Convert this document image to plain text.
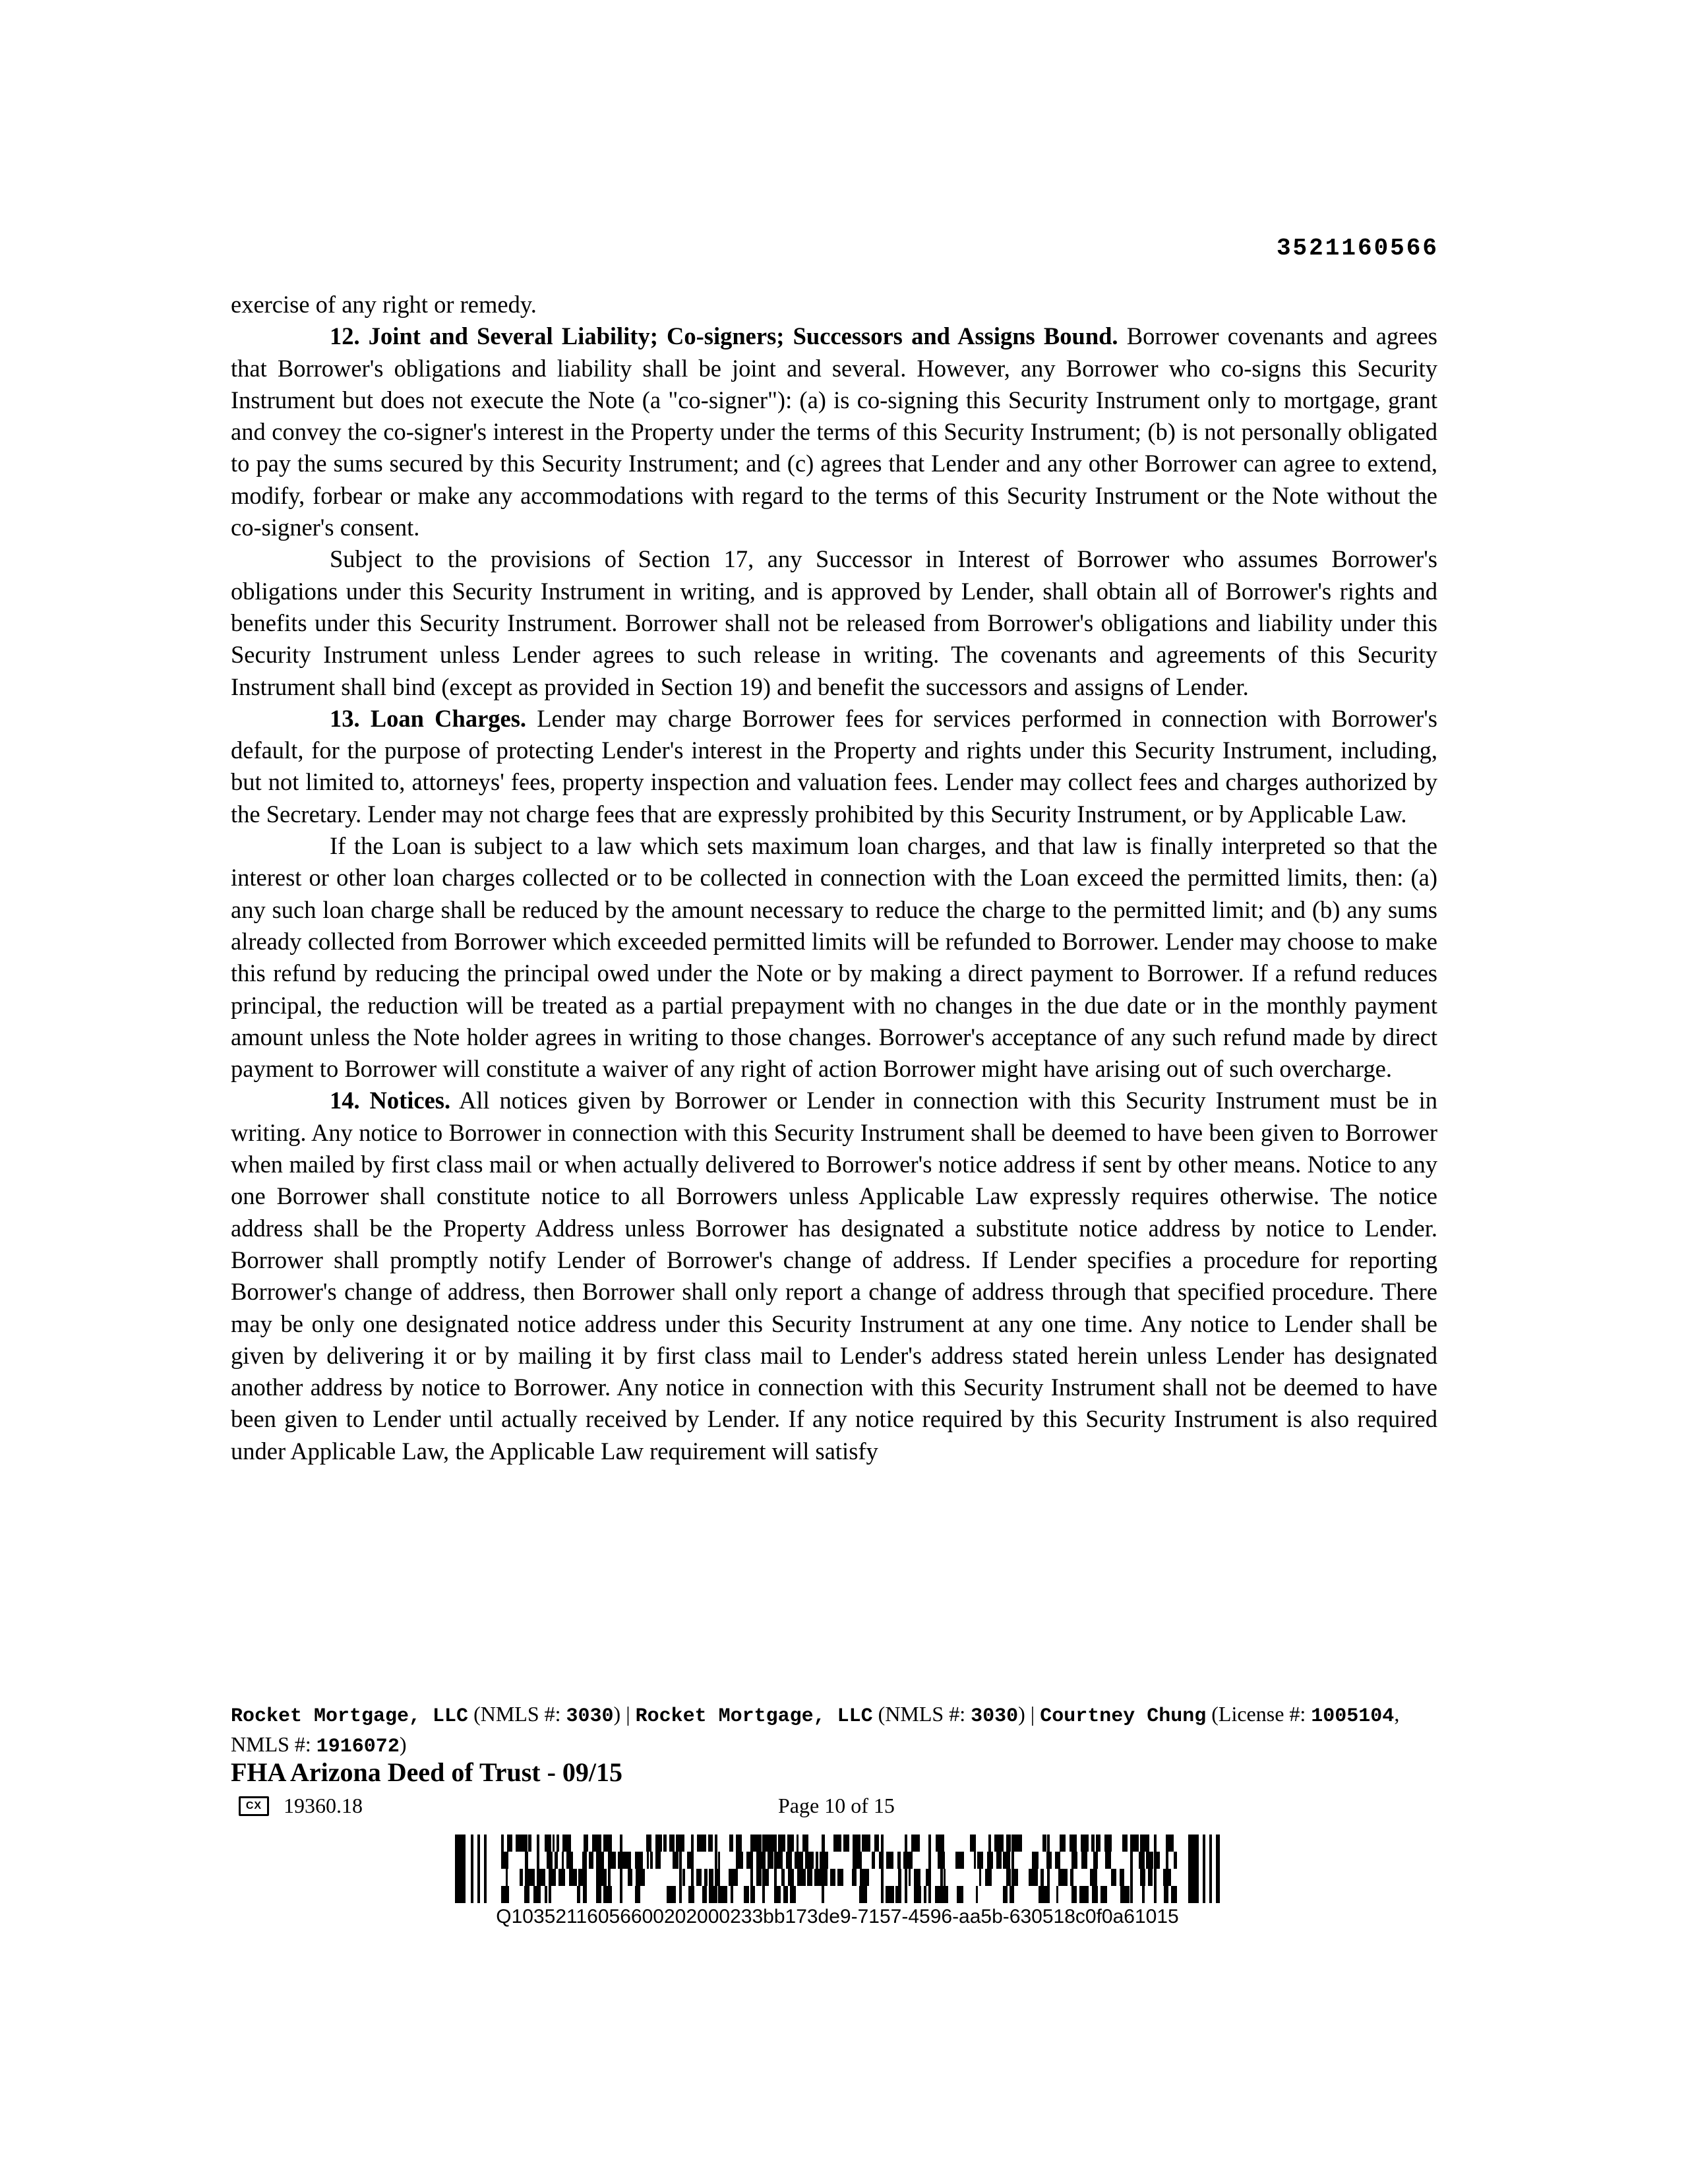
3521160566

exercise of any right or remedy.

12. Joint and Several Liability; Co-signers; Successors and Assigns Bound. Borrower covenants and agrees that Borrower's obligations and liability shall be joint and several. However, any Borrower who co-signs this Security Instrument but does not execute the Note (a "co-signer"): (a) is co-signing this Security Instrument only to mortgage, grant and convey the co-signer's interest in the Property under the terms of this Security Instrument; (b) is not personally obligated to pay the sums secured by this Security Instrument; and (c) agrees that Lender and any other Borrower can agree to extend, modify, forbear or make any accommodations with regard to the terms of this Security Instrument or the Note without the co-signer's consent.

Subject to the provisions of Section 17, any Successor in Interest of Borrower who assumes Borrower's obligations under this Security Instrument in writing, and is approved by Lender, shall obtain all of Borrower's rights and benefits under this Security Instrument. Borrower shall not be released from Borrower's obligations and liability under this Security Instrument unless Lender agrees to such release in writing. The covenants and agreements of this Security Instrument shall bind (except as provided in Section 19) and benefit the successors and assigns of Lender.

13. Loan Charges. Lender may charge Borrower fees for services performed in connection with Borrower's default, for the purpose of protecting Lender's interest in the Property and rights under this Security Instrument, including, but not limited to, attorneys' fees, property inspection and valuation fees. Lender may collect fees and charges authorized by the Secretary. Lender may not charge fees that are expressly prohibited by this Security Instrument, or by Applicable Law.

If the Loan is subject to a law which sets maximum loan charges, and that law is finally interpreted so that the interest or other loan charges collected or to be collected in connection with the Loan exceed the permitted limits, then: (a) any such loan charge shall be reduced by the amount necessary to reduce the charge to the permitted limit; and (b) any sums already collected from Borrower which exceeded permitted limits will be refunded to Borrower. Lender may choose to make this refund by reducing the principal owed under the Note or by making a direct payment to Borrower. If a refund reduces principal, the reduction will be treated as a partial prepayment with no changes in the due date or in the monthly payment amount unless the Note holder agrees in writing to those changes. Borrower's acceptance of any such refund made by direct payment to Borrower will constitute a waiver of any right of action Borrower might have arising out of such overcharge.

14. Notices. All notices given by Borrower or Lender in connection with this Security Instrument must be in writing. Any notice to Borrower in connection with this Security Instrument shall be deemed to have been given to Borrower when mailed by first class mail or when actually delivered to Borrower's notice address if sent by other means. Notice to any one Borrower shall constitute notice to all Borrowers unless Applicable Law expressly requires otherwise. The notice address shall be the Property Address unless Borrower has designated a substitute notice address by notice to Lender. Borrower shall promptly notify Lender of Borrower's change of address. If Lender specifies a procedure for reporting Borrower's change of address, then Borrower shall only report a change of address through that specified procedure. There may be only one designated notice address under this Security Instrument at any one time. Any notice to Lender shall be given by delivering it or by mailing it by first class mail to Lender's address stated herein unless Lender has designated another address by notice to Borrower. Any notice in connection with this Security Instrument shall not be deemed to have been given to Lender until actually received by Lender. If any notice required by this Security Instrument is also required under Applicable Law, the Applicable Law requirement will satisfy

Rocket Mortgage, LLC (NMLS #: 3030) | Rocket Mortgage, LLC (NMLS #: 3030) | Courtney Chung (License #: 1005104, NMLS #: 1916072)
FHA Arizona Deed of Trust - 09/15
CX	19360.18	Page 10 of 15
Q10352116056600202000233bb173de9-7157-4596-aa5b-630518c0f0a61015
